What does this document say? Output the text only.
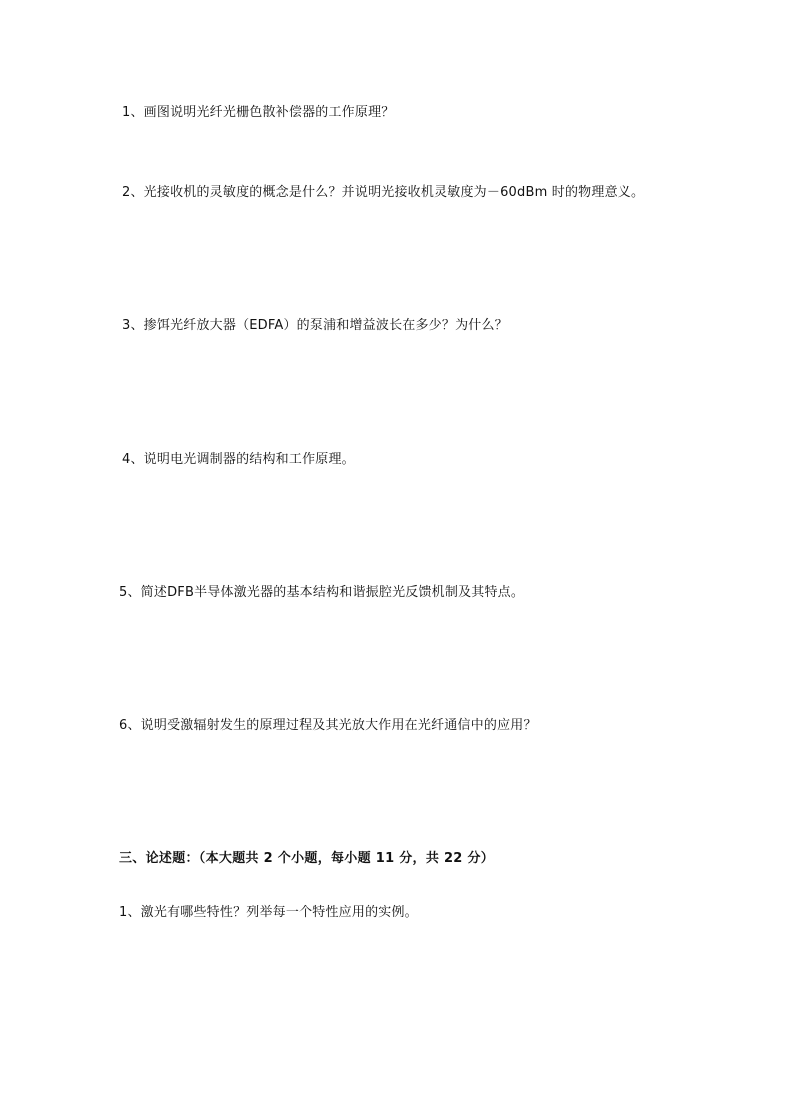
1、画图说明光纤光栅色散补偿器的工作原理？
2、光接收机的灵敏度的概念是什么？并说明光接收机灵敏度为－60dBm 时的物理意义。
3、掺饵光纤放大器（EDFA）的泵浦和增益波长在多少？为什么？
4、说明电光调制器的结构和工作原理。
5、简述DFB半导体激光器的基本结构和谐振腔光反馈机制及其特点。
6、说明受激辐射发生的原理过程及其光放大作用在光纤通信中的应用？
三、论述题：（本大题共 2 个小题，每小题 11 分，共 22 分）
1、激光有哪些特性？列举每一个特性应用的实例。
